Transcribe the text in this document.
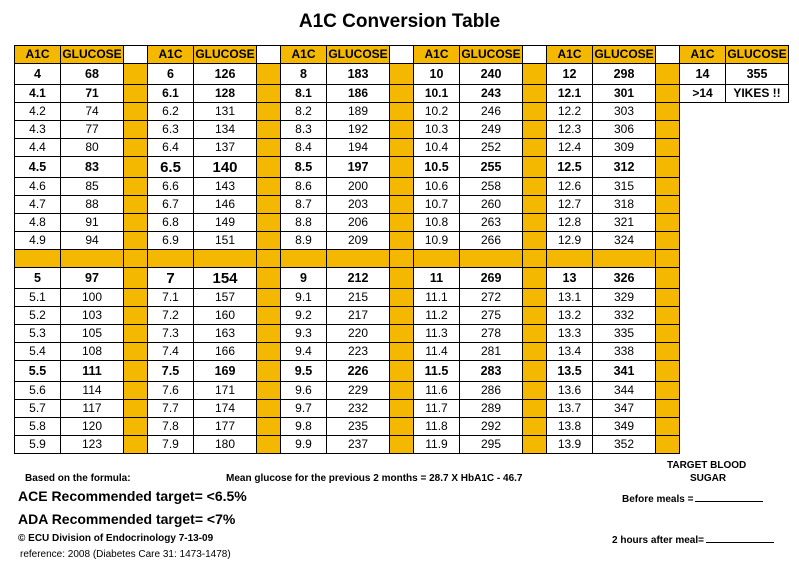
A1C Conversion Table
A1C	GLUCOSE		A1C	GLUCOSE		A1C	GLUCOSE		A1C	GLUCOSE		A1C	GLUCOSE		A1C	GLUCOSE
4	68		6	126		8	183		10	240		12	298		14	355
4.1	71		6.1	128		8.1	186		10.1	243		12.1	301		>14	YIKES !!
4.2	74		6.2	131		8.2	189		10.2	246		12.2	303			
4.3	77		6.3	134		8.3	192		10.3	249		12.3	306			
4.4	80		6.4	137		8.4	194		10.4	252		12.4	309			
4.5	83		6.5	140		8.5	197		10.5	255		12.5	312			
4.6	85		6.6	143		8.6	200		10.6	258		12.6	315			
4.7	88		6.7	146		8.7	203		10.7	260		12.7	318			
4.8	91		6.8	149		8.8	206		10.8	263		12.8	321			
4.9	94		6.9	151		8.9	209		10.9	266		12.9	324			

5	97		7	154		9	212		11	269		13	326			
5.1	100		7.1	157		9.1	215		11.1	272		13.1	329			
5.2	103		7.2	160		9.2	217		11.2	275		13.2	332			
5.3	105		7.3	163		9.3	220		11.3	278		13.3	335			
5.4	108		7.4	166		9.4	223		11.4	281		13.4	338			
5.5	111		7.5	169		9.5	226		11.5	283		13.5	341			
5.6	114		7.6	171		9.6	229		11.6	286		13.6	344			
5.7	117		7.7	174		9.7	232		11.7	289		13.7	347			
5.8	120		7.8	177		9.8	235		11.8	292		13.8	349			
5.9	123		7.9	180		9.9	237		11.9	295		13.9	352			
Based on the formula:	Mean glucose for the previous 2 months = 28.7 X HbA1C - 46.7
TARGET BLOOD
SUGAR
ACE Recommended target= <6.5%
ADA Recommended target= <7%
Before meals =
2 hours after meal=
© ECU Division of Endocrinology 7-13-09
reference: 2008 (Diabetes Care 31: 1473-1478)
